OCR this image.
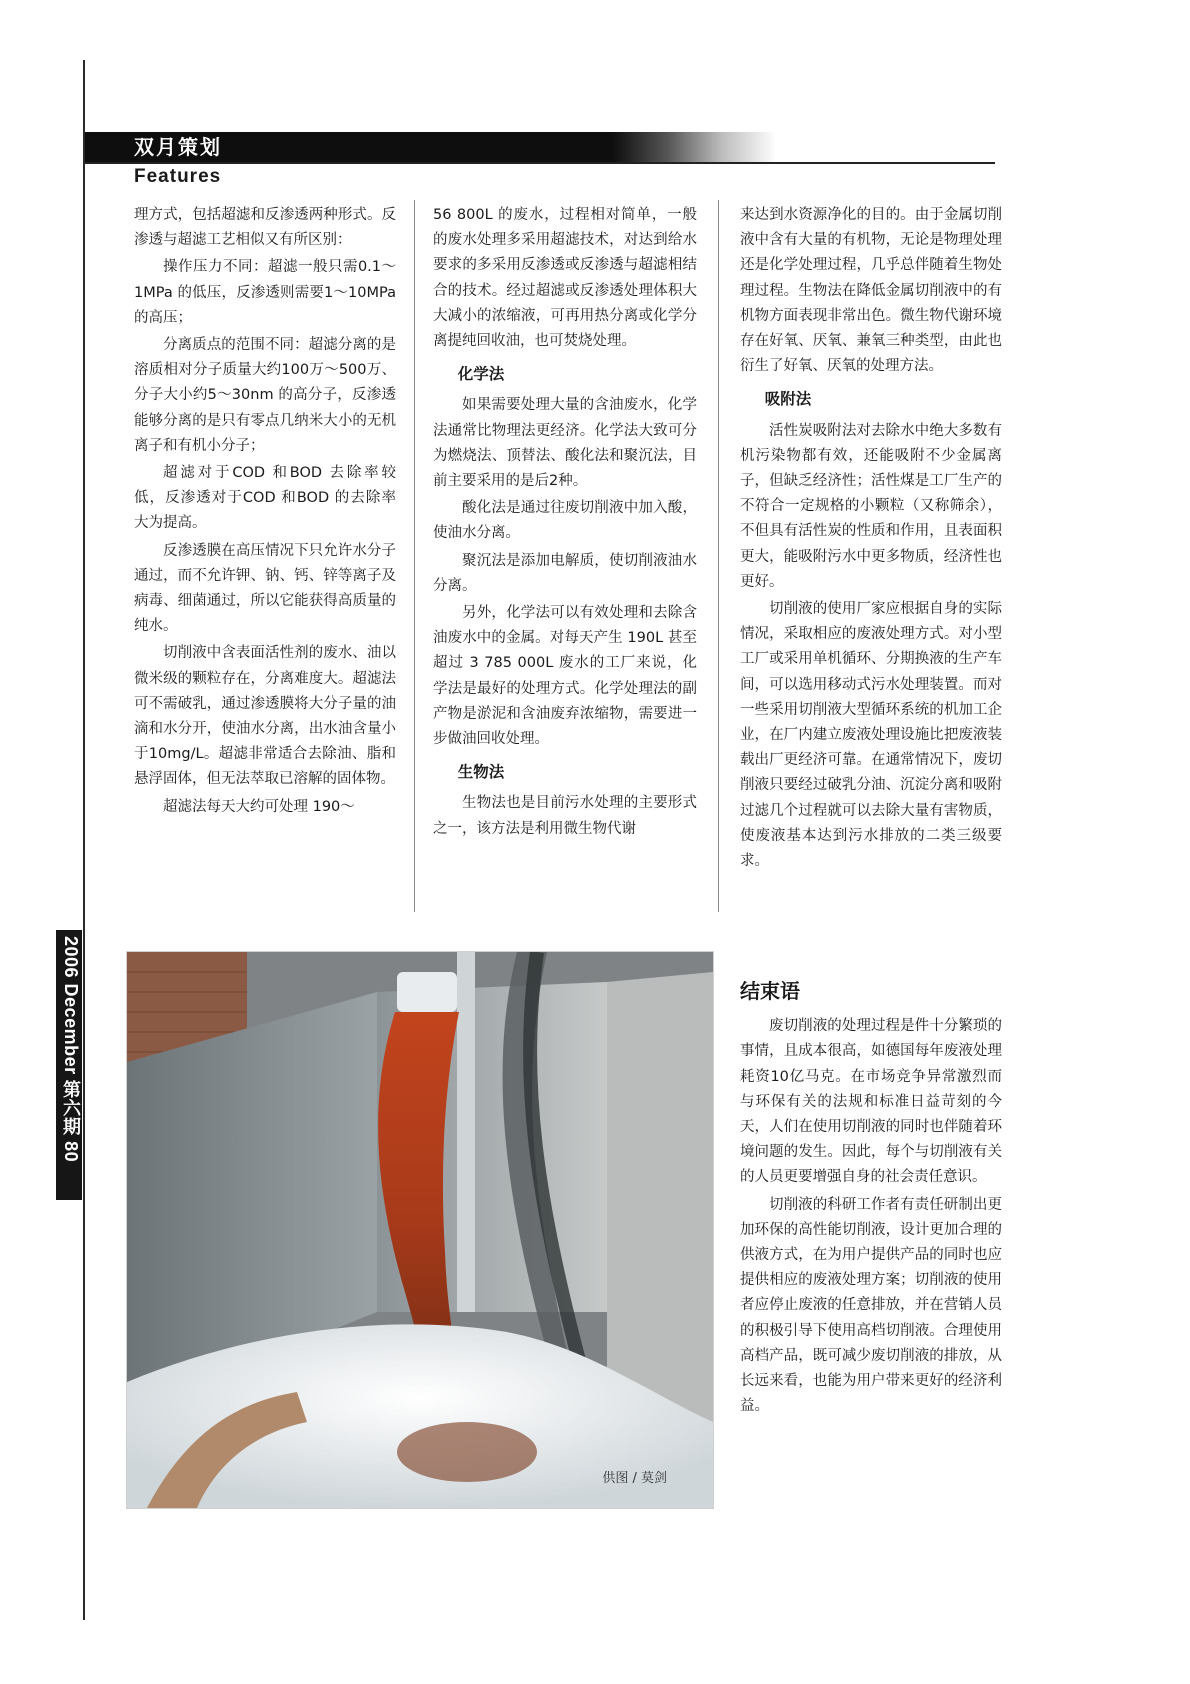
2006 December 第六期 80
双月策划
Features

理方式，包括超滤和反渗透两种形式。反渗透与超滤工艺相似又有所区别：

操作压力不同：超滤一般只需0.1～1MPa 的低压，反渗透则需要1～10MPa 的高压；

分离质点的范围不同：超滤分离的是溶质相对分子质量大约100万～500万、分子大小约5～30nm 的高分子，反渗透能够分离的是只有零点几纳米大小的无机离子和有机小分子；

超滤对于COD 和BOD 去除率较低，反渗透对于COD 和BOD 的去除率大为提高。

反渗透膜在高压情况下只允许水分子通过，而不允许钾、钠、钙、锌等离子及病毒、细菌通过，所以它能获得高质量的纯水。

切削液中含表面活性剂的废水、油以微米级的颗粒存在，分离难度大。超滤法可不需破乳，通过渗透膜将大分子量的油滴和水分开，使油水分离，出水油含量小于10mg/L。超滤非常适合去除油、脂和悬浮固体，但无法萃取已溶解的固体物。

超滤法每天大约可处理 190～

56 800L 的废水，过程相对简单，一般的废水处理多采用超滤技术，对达到给水要求的多采用反渗透或反渗透与超滤相结合的技术。经过超滤或反渗透处理体积大大减小的浓缩液，可再用热分离或化学分离提纯回收油，也可焚烧处理。

化学法

如果需要处理大量的含油废水，化学法通常比物理法更经济。化学法大致可分为燃烧法、顶替法、酸化法和聚沉法，目前主要采用的是后2种。

酸化法是通过往废切削液中加入酸，使油水分离。

聚沉法是添加电解质，使切削液油水分离。

另外，化学法可以有效处理和去除含油废水中的金属。对每天产生 190L 甚至超过 3 785 000L 废水的工厂来说，化学法是最好的处理方式。化学处理法的副产物是淤泥和含油废弃浓缩物，需要进一步做油回收处理。

生物法

生物法也是目前污水处理的主要形式之一，该方法是利用微生物代谢

来达到水资源净化的目的。由于金属切削液中含有大量的有机物，无论是物理处理还是化学处理过程，几乎总伴随着生物处理过程。生物法在降低金属切削液中的有机物方面表现非常出色。微生物代谢环境存在好氧、厌氧、兼氧三种类型，由此也衍生了好氧、厌氧的处理方法。

吸附法

活性炭吸附法对去除水中绝大多数有机污染物都有效，还能吸附不少金属离子，但缺乏经济性；活性煤是工厂生产的不符合一定规格的小颗粒（又称筛余），不但具有活性炭的性质和作用，且表面积更大，能吸附污水中更多物质，经济性也更好。

切削液的使用厂家应根据自身的实际情况，采取相应的废液处理方式。对小型工厂或采用单机循环、分期换液的生产车间，可以选用移动式污水处理装置。而对一些采用切削液大型循环系统的机加工企业，在厂内建立废液处理设施比把废液装载出厂更经济可靠。在通常情况下，废切削液只要经过破乳分油、沉淀分离和吸附过滤几个过程就可以去除大量有害物质，使废液基本达到污水排放的二类三级要求。

结束语

废切削液的处理过程是件十分繁琐的事情，且成本很高，如德国每年废液处理耗资10亿马克。在市场竞争异常激烈而与环保有关的法规和标准日益苛刻的今天，人们在使用切削液的同时也伴随着环境问题的发生。因此，每个与切削液有关的人员更要增强自身的社会责任意识。

切削液的科研工作者有责任研制出更加环保的高性能切削液，设计更加合理的供液方式，在为用户提供产品的同时也应提供相应的废液处理方案；切削液的使用者应停止废液的任意排放，并在营销人员的积极引导下使用高档切削液。合理使用高档产品，既可减少废切削液的排放，从长远来看，也能为用户带来更好的经济利益。

供图 / 莫剑
